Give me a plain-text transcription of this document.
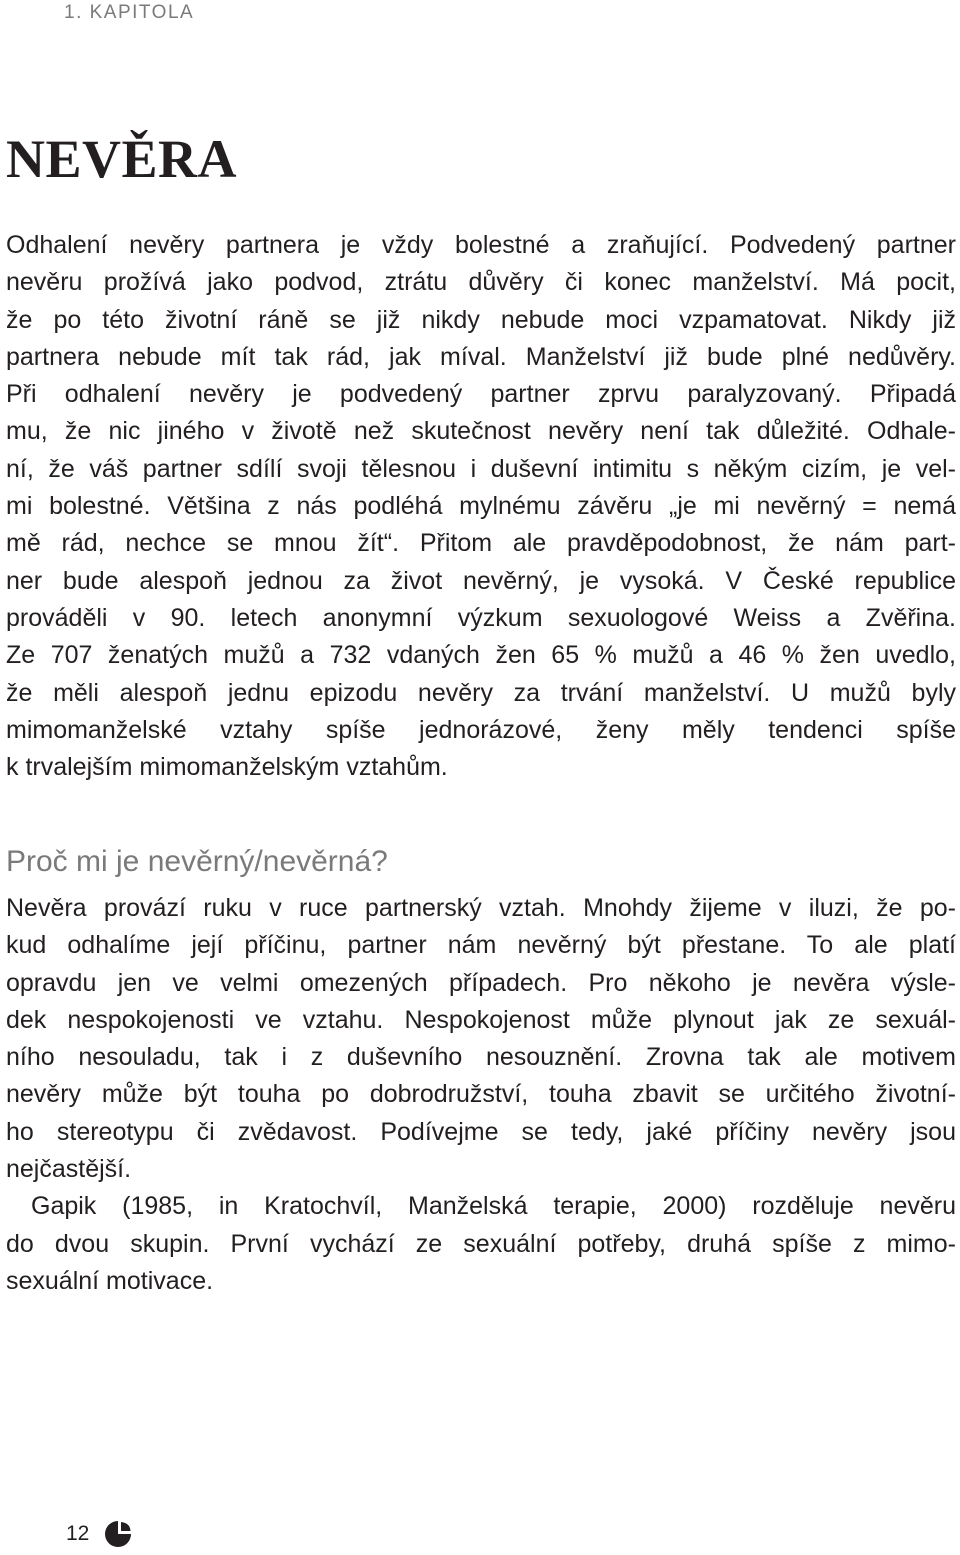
1. KAPITOLA
NEVĚRA
Odhalení nevěry partnera je vždy bolestné a zraňující. Podvedený partner
nevěru prožívá jako podvod, ztrátu důvěry či konec manželství. Má pocit,
že po této životní ráně se již nikdy nebude moci vzpamatovat. Nikdy již
partnera nebude mít tak rád, jak míval. Manželství již bude plné nedůvěry.
Při odhalení nevěry je podvedený partner zprvu paralyzovaný. Připadá
mu, že nic jiného v životě než skutečnost nevěry není tak důležité. Odhale-
ní, že váš partner sdílí svoji tělesnou i duševní intimitu s někým cizím, je vel-
mi bolestné. Většina z nás podléhá mylnému závěru „je mi nevěrný = nemá
mě rád, nechce se mnou žít“. Přitom ale pravděpodobnost, že nám part-
ner bude alespoň jednou za život nevěrný, je vysoká. V České republice
prováděli v 90. letech anonymní výzkum sexuologové Weiss a Zvěřina.
Ze 707 ženatých mužů a 732 vdaných žen 65 % mužů a 46 % žen uvedlo,
že měli alespoň jednu epizodu nevěry za trvání manželství. U mužů byly
mimomanželské vztahy spíše jednorázové, ženy měly tendenci spíše
k trvalejším mimomanželským vztahům.
Proč mi je nevěrný/nevěrná?
Nevěra provází ruku v ruce partnerský vztah. Mnohdy žijeme v iluzi, že po-
kud odhalíme její příčinu, partner nám nevěrný být přestane. To ale platí
opravdu jen ve velmi omezených případech. Pro někoho je nevěra výsle-
dek nespokojenosti ve vztahu. Nespokojenost může plynout jak ze sexuál-
ního nesouladu, tak i z duševního nesouznění. Zrovna tak ale motivem
nevěry může být touha po dobrodružství, touha zbavit se určitého životní-
ho stereotypu či zvědavost. Podívejme se tedy, jaké příčiny nevěry jsou
nejčastější.
Gapik (1985, in Kratochvíl, Manželská terapie, 2000) rozděluje nevěru
do dvou skupin. První vychází ze sexuální potřeby, druhá spíše z mimo-
sexuální motivace.
12
